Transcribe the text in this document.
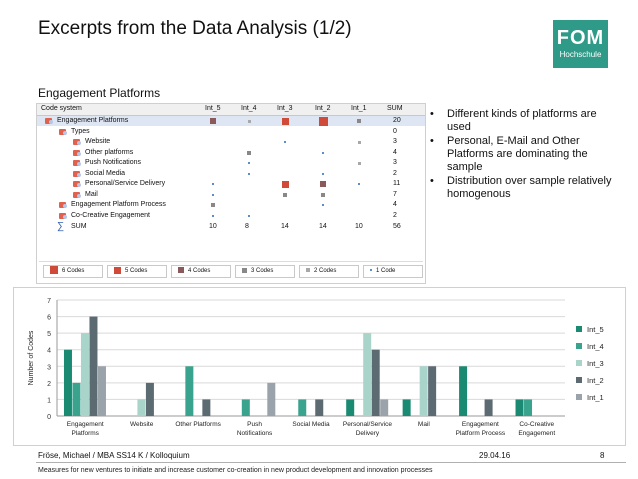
Excerpts from the Data Analysis (1/2)	FOM
Hochschule
Engagement Platforms
Code system	Int_5	Int_4	Int_3	Int_2	Int_1	SUM
Engagement Platforms	20
Types	0
Website	3
Other platforms	4
Push Notifications	3
Social Media	2
Personal/Service Delivery	11
Mail	7
Engagement Platform Process	4
Co-Creative Engagement	2
∑ SUM	10	8	14	14	10	56
6 Codes	5 Codes	4 Codes	3 Codes	2 Codes	1 Code
• Different kinds of platforms are used
• Personal, E-Mail and Other Platforms are dominating the sample
• Distribution over sample relatively homogenous
0
1
2
3
4
5
6
7
Number of Codes
Engagement
Platforms
Website	Other Platforms	Push
Notifications
Social Media Personal/Service
Delivery
Mail	Engagement
Platform Process
Co-Creative
Engagement
Int_5
Int_4
Int_3
Int_2
Int_1
Fröse, Michael / MBA SS14 K / Kolloquium	29.04.16	8
Measures for new ventures to initiate and increase customer co-creation in new product development and innovation processes
